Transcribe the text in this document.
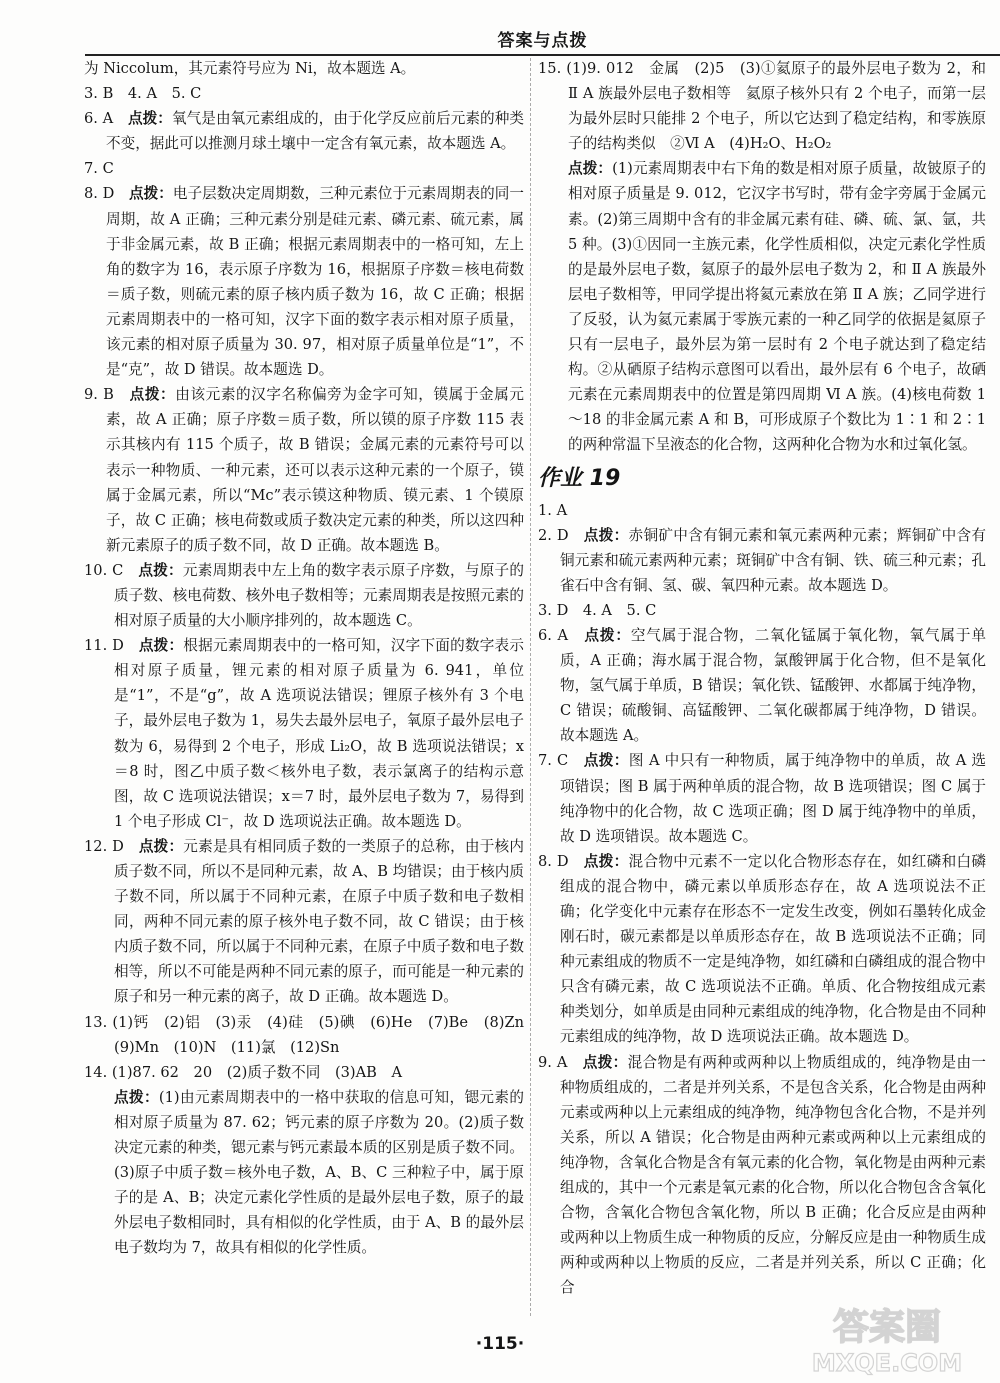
答案与点拨

为 Niccolum，其元素符号应为 Ni，故本题选 A。

3. B　4. A　5. C

6. A　点拨：氧气是由氧元素组成的，由于化学反应前后元素的种类不变，据此可以推测月球土壤中一定含有氧元素，故本题选 A。

7. C

8. D　点拨：电子层数决定周期数，三种元素位于元素周期表的同一周期，故 A 正确；三种元素分别是硅元素、磷元素、硫元素，属于非金属元素，故 B 正确；根据元素周期表中的一格可知，左上角的数字为 16，表示原子序数为 16，根据原子序数＝核电荷数＝质子数，则硫元素的原子核内质子数为 16，故 C 正确；根据元素周期表中的一格可知，汉字下面的数字表示相对原子质量，该元素的相对原子质量为 30. 97，相对原子质量单位是“1”，不是“克”，故 D 错误。故本题选 D。

9. B　点拨：由该元素的汉字名称偏旁为金字可知，镆属于金属元素，故 A 正确；原子序数＝质子数，所以镆的原子序数 115 表示其核内有 115 个质子，故 B 错误；金属元素的元素符号可以表示一种物质、一种元素，还可以表示这种元素的一个原子，镆属于金属元素，所以“Mc”表示镆这种物质、镆元素、1 个镆原子，故 C 正确；核电荷数或质子数决定元素的种类，所以这四种新元素原子的质子数不同，故 D 正确。故本题选 B。

10. C　点拨：元素周期表中左上角的数字表示原子序数，与原子的质子数、核电荷数、核外电子数相等；元素周期表是按照元素的相对原子质量的大小顺序排列的，故本题选 C。

11. D　点拨：根据元素周期表中的一格可知，汉字下面的数字表示相对原子质量，锂元素的相对原子质量为 6. 941，单位是“1”，不是“g”，故 A 选项说法错误；锂原子核外有 3 个电子，最外层电子数为 1，易失去最外层电子，氧原子最外层电子数为 6，易得到 2 个电子，形成 Li₂O，故 B 选项说法错误；x＝8 时，图乙中质子数＜核外电子数，表示氯离子的结构示意图，故 C 选项说法错误；x＝7 时，最外层电子数为 7，易得到 1 个电子形成 Cl⁻，故 D 选项说法正确。故本题选 D。

12. D　点拨：元素是具有相同质子数的一类原子的总称，由于核内质子数不同，所以不是同种元素，故 A、B 均错误；由于核内质子数不同，所以属于不同种元素，在原子中质子数和电子数相同，两种不同元素的原子核外电子数不同，故 C 错误；由于核内质子数不同，所以属于不同种元素，在原子中质子数和电子数相等，所以不可能是两种不同元素的原子，而可能是一种元素的原子和另一种元素的离子，故 D 正确。故本题选 D。

13. (1)钙　(2)铝　(3)汞　(4)硅　(5)碘　(6)He　(7)Be　(8)Zn　(9)Mn　(10)N　(11)氯　(12)Sn

14. (1)87. 62　20　(2)质子数不同　(3)AB　A

点拨：(1)由元素周期表中的一格中获取的信息可知，锶元素的相对原子质量为 87. 62；钙元素的原子序数为 20。(2)质子数决定元素的种类，锶元素与钙元素最本质的区别是质子数不同。(3)原子中质子数＝核外电子数，A、B、C 三种粒子中，属于原子的是 A、B；决定元素化学性质的是最外层电子数，原子的最外层电子数相同时，具有相似的化学性质，由于 A、B 的最外层电子数均为 7，故具有相似的化学性质。

15. (1)9. 012　金属　(2)5　(3)①氦原子的最外层电子数为 2，和 Ⅱ A 族最外层电子数相等　氦原子核外只有 2 个电子，而第一层为最外层时只能排 2 个电子，所以它达到了稳定结构，和零族原子的结构类似　②Ⅵ A　(4)H₂O、H₂O₂

点拨：(1)元素周期表中右下角的数是相对原子质量，故铍原子的相对原子质量是 9. 012，它汉字书写时，带有金字旁属于金属元素。(2)第三周期中含有的非金属元素有硅、磷、硫、氯、氩，共 5 种。(3)①因同一主族元素，化学性质相似，决定元素化学性质的是最外层电子数，氦原子的最外层电子数为 2，和 Ⅱ A 族最外层电子数相等，甲同学提出将氦元素放在第 Ⅱ A 族；乙同学进行了反驳，认为氦元素属于零族元素的一种乙同学的依据是氦原子只有一层电子，最外层为第一层时有 2 个电子就达到了稳定结构。②从硒原子结构示意图可以看出，最外层有 6 个电子，故硒元素在元素周期表中的位置是第四周期 Ⅵ A 族。(4)核电荷数 1～18 的非金属元素 A 和 B，可形成原子个数比为 1∶1 和 2∶1 的两种常温下呈液态的化合物，这两种化合物为水和过氧化氢。

作业 19

1. A

2. D　点拨：赤铜矿中含有铜元素和氧元素两种元素；辉铜矿中含有铜元素和硫元素两种元素；斑铜矿中含有铜、铁、硫三种元素；孔雀石中含有铜、氢、碳、氧四种元素。故本题选 D。

3. D　4. A　5. C

6. A　点拨：空气属于混合物，二氧化锰属于氧化物，氧气属于单质，A 正确；海水属于混合物，氯酸钾属于化合物，但不是氧化物，氢气属于单质，B 错误；氧化铁、锰酸钾、水都属于纯净物，C 错误；硫酸铜、高锰酸钾、二氧化碳都属于纯净物，D 错误。故本题选 A。

7. C　点拨：图 A 中只有一种物质，属于纯净物中的单质，故 A 选项错误；图 B 属于两种单质的混合物，故 B 选项错误；图 C 属于纯净物中的化合物，故 C 选项正确；图 D 属于纯净物中的单质，故 D 选项错误。故本题选 C。

8. D　点拨：混合物中元素不一定以化合物形态存在，如红磷和白磷组成的混合物中，磷元素以单质形态存在，故 A 选项说法不正确；化学变化中元素存在形态不一定发生改变，例如石墨转化成金刚石时，碳元素都是以单质形态存在，故 B 选项说法不正确；同种元素组成的物质不一定是纯净物，如红磷和白磷组成的混合物中只含有磷元素，故 C 选项说法不正确。单质、化合物按组成元素种类划分，如单质是由同种元素组成的纯净物，化合物是由不同种元素组成的纯净物，故 D 选项说法正确。故本题选 D。

9. A　点拨：混合物是有两种或两种以上物质组成的，纯净物是由一种物质组成的，二者是并列关系，不是包含关系，化合物是由两种元素或两种以上元素组成的纯净物，纯净物包含化合物，不是并列关系，所以 A 错误；化合物是由两种元素或两种以上元素组成的纯净物，含氧化合物是含有氧元素的化合物，氧化物是由两种元素组成的，其中一个元素是氧元素的化合物，所以化合物包含含氧化合物，含氧化合物包含氧化物，所以 B 正确；化合反应是由两种或两种以上物质生成一种物质的反应，分解反应是由一种物质生成两种或两种以上物质的反应，二者是并列关系，所以 C 正确；化合

·115·	答案圈
MXQE.COM
